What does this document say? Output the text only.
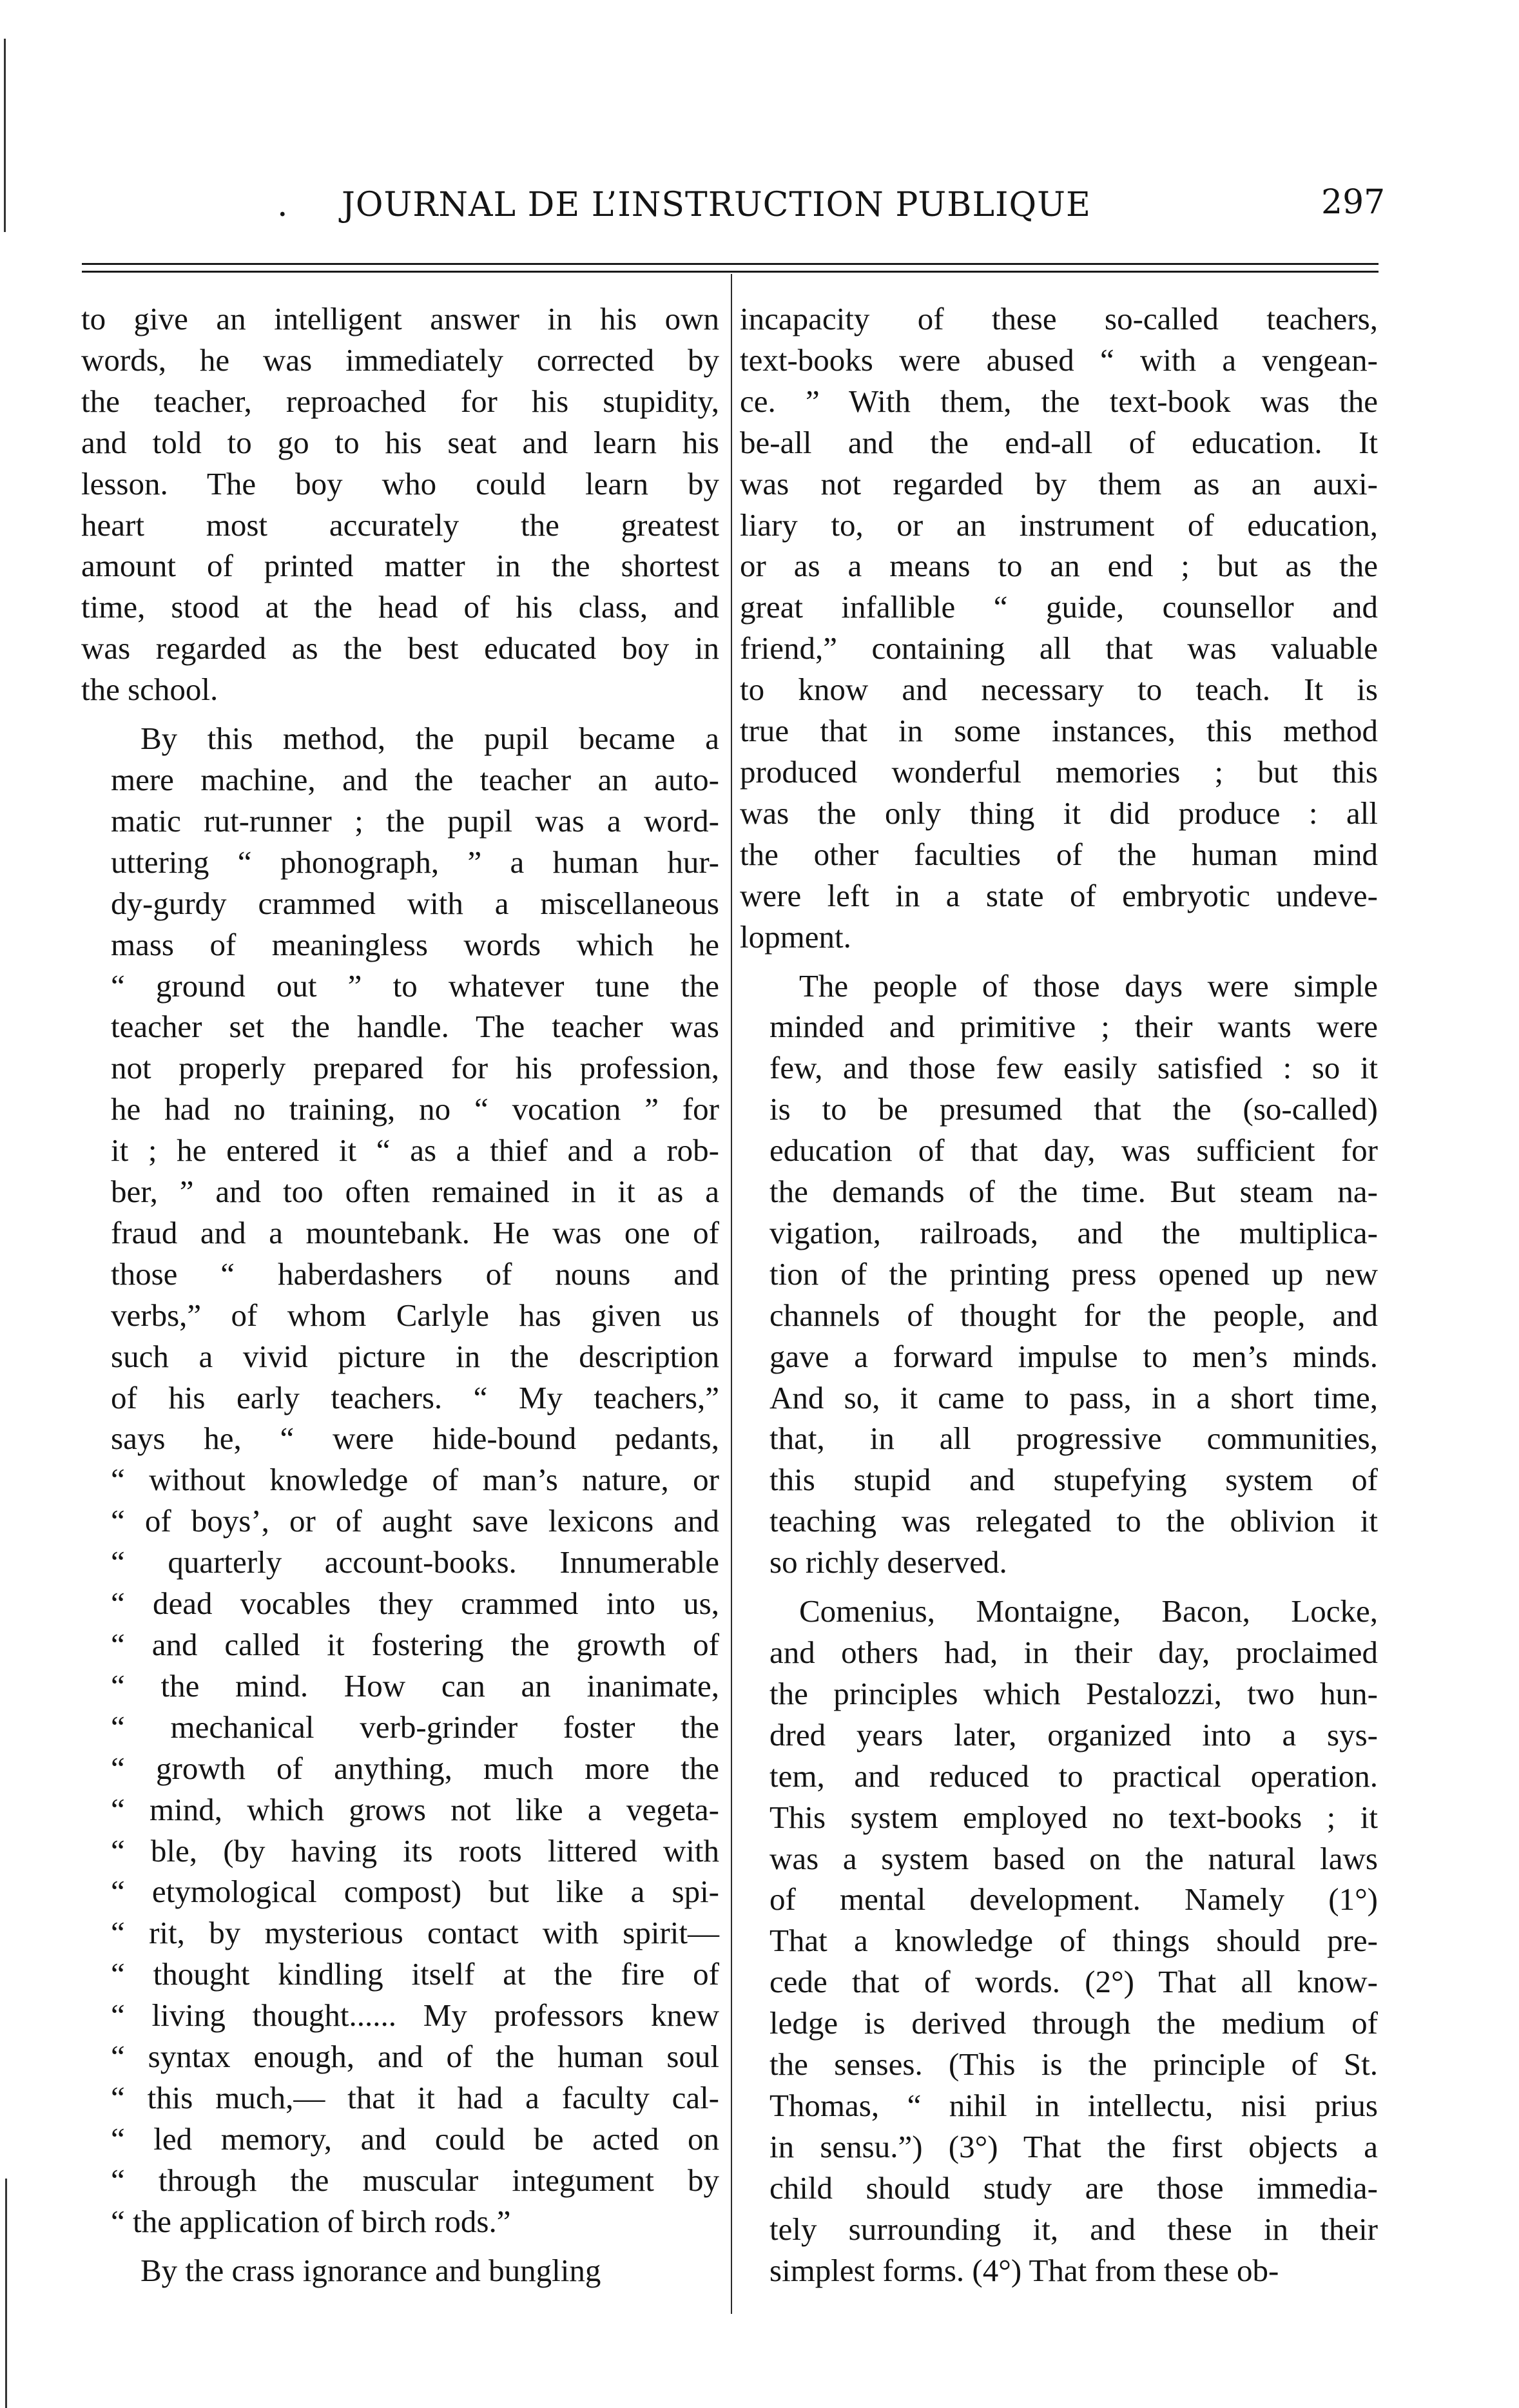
. JOURNAL DE L’INSTRUCTION PUBLIQUE	297
to give an intelligent answer in his own
words, he was immediately corrected by
the teacher, reproached for his stupidity,
and told to go to his seat and learn his
lesson. The boy who could learn by
heart most accurately the greatest
amount of printed matter in the shortest
time, stood at the head of his class, and
was regarded as the best educated boy in
the school.
By this method, the pupil became a
mere machine, and the teacher an auto-
matic rut-runner ; the pupil was a word-
uttering “ phonograph, ” a human hur-
dy-gurdy crammed with a miscellaneous
mass of meaningless words which he
“ ground out ” to whatever tune the
teacher set the handle. The teacher was
not properly prepared for his profession,
he had no training, no “ vocation ” for
it ; he entered it “ as a thief and a rob-
ber, ” and too often remained in it as a
fraud and a mountebank. He was one of
those “ haberdashers of nouns and
verbs,” of whom Carlyle has given us
such a vivid picture in the description
of his early teachers. “ My teachers,”
says he, “ were hide-bound pedants,
“ without knowledge of man’s nature, or
“ of boys’, or of aught save lexicons and
“ quarterly account-books. Innumerable
“ dead vocables they crammed into us,
“ and called it fostering the growth of
“ the mind. How can an inanimate,
“ mechanical verb-grinder foster the
“ growth of anything, much more the
“ mind, which grows not like a vegeta-
“ ble, (by having its roots littered with
“ etymological compost) but like a spi-
“ rit, by mysterious contact with spirit—
“ thought kindling itself at the fire of
“ living thought...... My professors knew
“ syntax enough, and of the human soul
“ this much,— that it had a faculty cal-
“ led memory, and could be acted on
“ through the muscular integument by
“ the application of birch rods.”
By the crass ignorance and bungling
incapacity of these so-called teachers,
text-books were abused “ with a vengean-
ce. ” With them, the text-book was the
be-all and the end-all of education. It
was not regarded by them as an auxi-
liary to, or an instrument of education,
or as a means to an end ; but as the
great infallible “ guide, counsellor and
friend,” containing all that was valuable
to know and necessary to teach. It is
true that in some instances, this method
produced wonderful memories ; but this
was the only thing it did produce : all
the other faculties of the human mind
were left in a state of embryotic undeve-
lopment.
The people of those days were simple
minded and primitive ; their wants were
few, and those few easily satisfied : so it
is to be presumed that the (so-called)
education of that day, was sufficient for
the demands of the time. But steam na-
vigation, railroads, and the multiplica-
tion of the printing press opened up new
channels of thought for the people, and
gave a forward impulse to men’s minds.
And so, it came to pass, in a short time,
that, in all progressive communities,
this stupid and stupefying system of
teaching was relegated to the oblivion it
so richly deserved.
Comenius, Montaigne, Bacon, Locke,
and others had, in their day, proclaimed
the principles which Pestalozzi, two hun-
dred years later, organized into a sys-
tem, and reduced to practical operation.
This system employed no text-books ; it
was a system based on the natural laws
of mental development. Namely (1°)
That a knowledge of things should pre-
cede that of words. (2°) That all know-
ledge is derived through the medium of
the senses. (This is the principle of St.
Thomas, “ nihil in intellectu, nisi prius
in sensu.”) (3°) That the first objects a
child should study are those immedia-
tely surrounding it, and these in their
simplest forms. (4°) That from these ob-
